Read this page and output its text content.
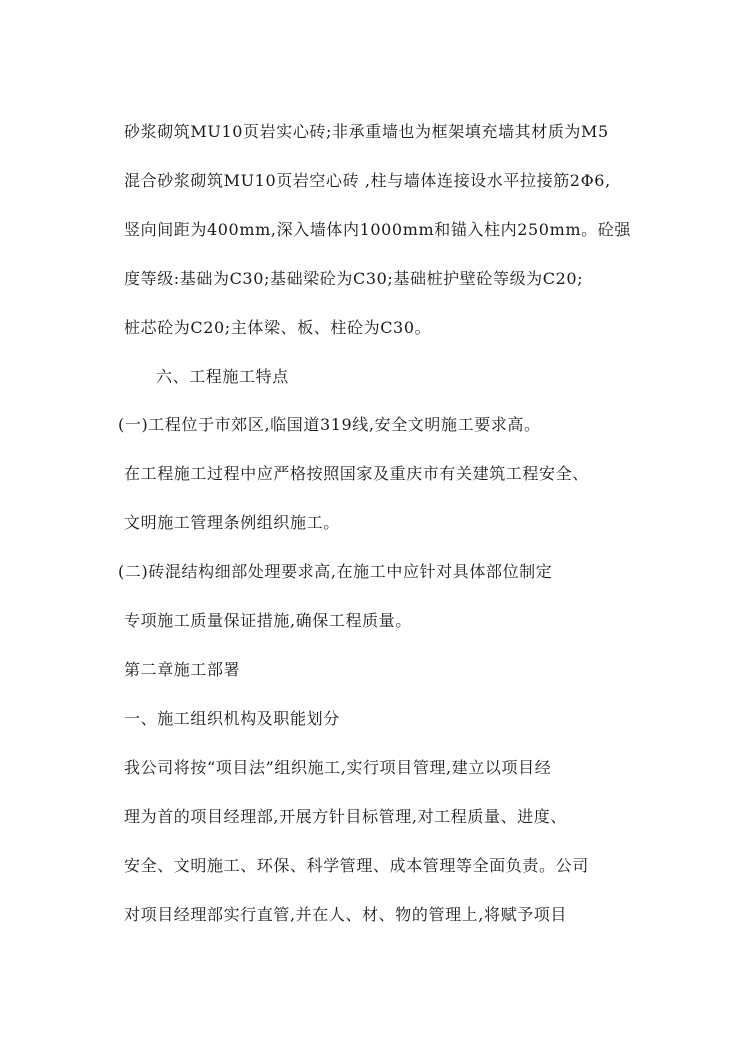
砂浆砌筑MU10页岩实心砖;非承重墙也为框架填充墙其材质为M5
混合砂浆砌筑MU10页岩空心砖 ,柱与墙体连接设水平拉接筋2Φ6,
竖向间距为400mm,深入墙体内1000mm和锚入柱内250mm。砼强
度等级:基础为C30;基础梁砼为C30;基础桩护壁砼等级为C20;
桩芯砼为C20;主体梁、板、柱砼为C30。
六、工程施工特点
(一)工程位于市郊区,临国道319线,安全文明施工要求高。
在工程施工过程中应严格按照国家及重庆市有关建筑工程安全、
文明施工管理条例组织施工。
(二)砖混结构细部处理要求高,在施工中应针对具体部位制定
专项施工质量保证措施,确保工程质量。
第二章施工部署
一、施工组织机构及职能划分
我公司将按“项目法”组织施工,实行项目管理,建立以项目经
理为首的项目经理部,开展方针目标管理,对工程质量、进度、
安全、文明施工、环保、科学管理、成本管理等全面负责。公司
对项目经理部实行直管,并在人、材、物的管理上,将赋予项目
